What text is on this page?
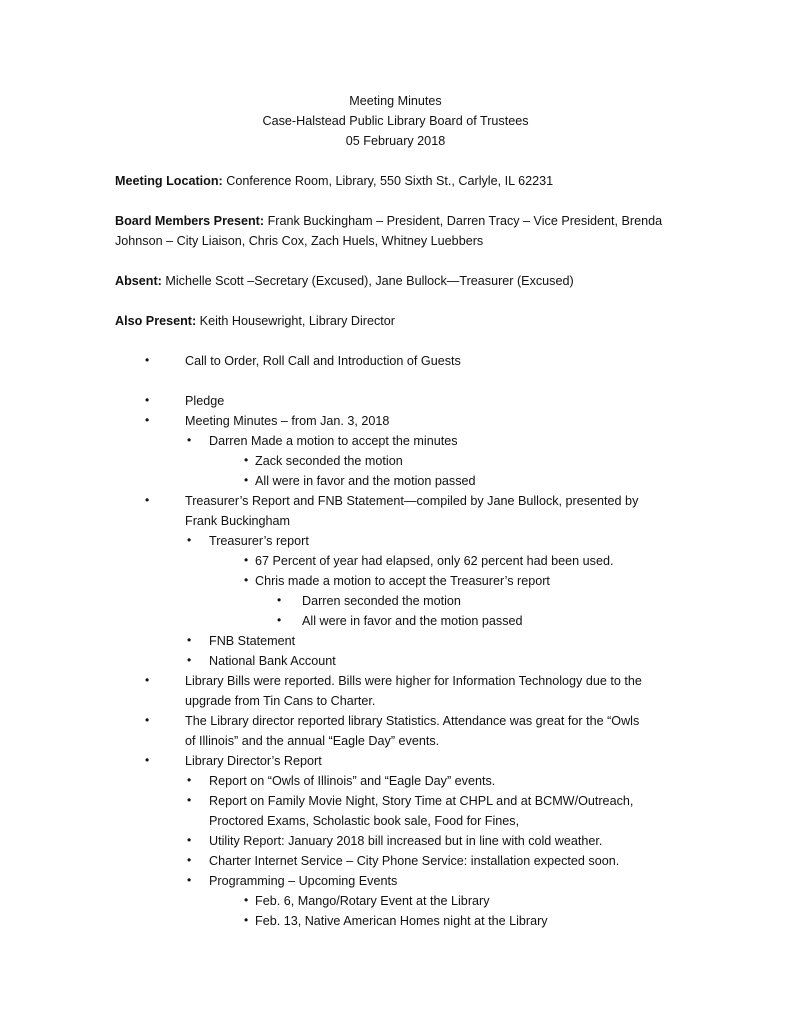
Meeting Minutes
Case-Halstead Public Library Board of Trustees
05 February 2018
Meeting Location: Conference Room, Library, 550 Sixth St., Carlyle, IL 62231
Board Members Present: Frank Buckingham – President, Darren Tracy – Vice President, Brenda
Johnson – City Liaison, Chris Cox, Zach Huels, Whitney Luebbers
Absent: Michelle Scott –Secretary (Excused), Jane Bullock—Treasurer (Excused)
Also Present: Keith Housewright, Library Director
•	Call to Order, Roll Call and Introduction of Guests
•	Pledge
•	Meeting Minutes – from Jan. 3, 2018
• Darren Made a motion to accept the minutes
• Zack seconded the motion
• All were in favor and the motion passed
•	Treasurer’s Report and FNB Statement—compiled by Jane Bullock, presented by
Frank Buckingham
• Treasurer’s report
• 67 Percent of year had elapsed, only 62 percent had been used.
• Chris made a motion to accept the Treasurer’s report
• Darren seconded the motion
• All were in favor and the motion passed
• FNB Statement
• National Bank Account
•	Library Bills were reported. Bills were higher for Information Technology due to the
upgrade from Tin Cans to Charter.
•	The Library director reported library Statistics. Attendance was great for the “Owls
of Illinois” and the annual “Eagle Day” events.
•	Library Director’s Report
• Report on “Owls of Illinois” and “Eagle Day” events.
• Report on Family Movie Night, Story Time at CHPL and at BCMW/Outreach,
Proctored Exams, Scholastic book sale, Food for Fines,
• Utility Report: January 2018 bill increased but in line with cold weather.
• Charter Internet Service – City Phone Service: installation expected soon.
• Programming – Upcoming Events
• Feb. 6, Mango/Rotary Event at the Library
• Feb. 13, Native American Homes night at the Library
